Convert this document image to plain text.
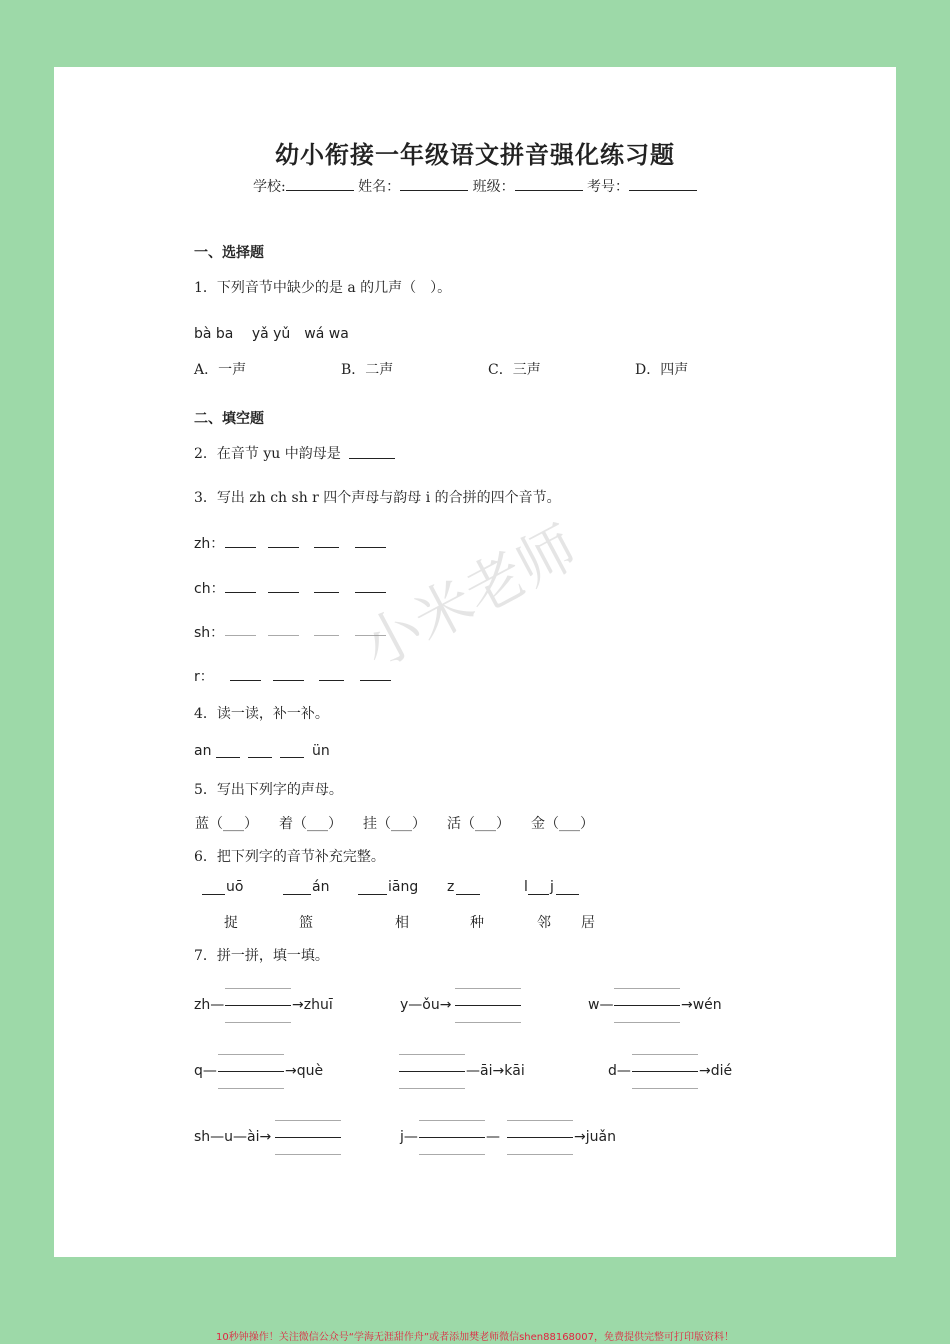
幼小衔接一年级语文拼音强化练习题
学校:	姓名：	班级：	考号：
一、选择题
1．下列音节中缺少的是 a 的几声（　）。
bà ba　 yǎ yǔ　wá wa
A．一声	B．二声	C．三声	D．四声
二、填空题
2．在音节 yu 中韵母是
3．写出 zh ch sh r 四个声母与韵母 i 的合拼的四个音节。
zh：
ch：
sh：
r：
4．读一读，补一补。
an	ün
5．写出下列字的声母。
蓝（___） 着（___） 挂（___） 活（___） 金（___）
6．把下列字的音节补充完整。
uō	án	iāng z	l j
捉	篮	相	种	邻 居
7．拼一拼，填一填。
zh—	→zhuī	y—ǒu→	w—	→wén
q—	→què	—āi→kāi	d—	→dié
sh—u—ài→	j—	—	→juǎn
小米老师
10秒钟操作！关注微信公众号“学海无涯甜作舟”或者添加樊老师微信shen88168007，免费提供完整可打印版资料！
